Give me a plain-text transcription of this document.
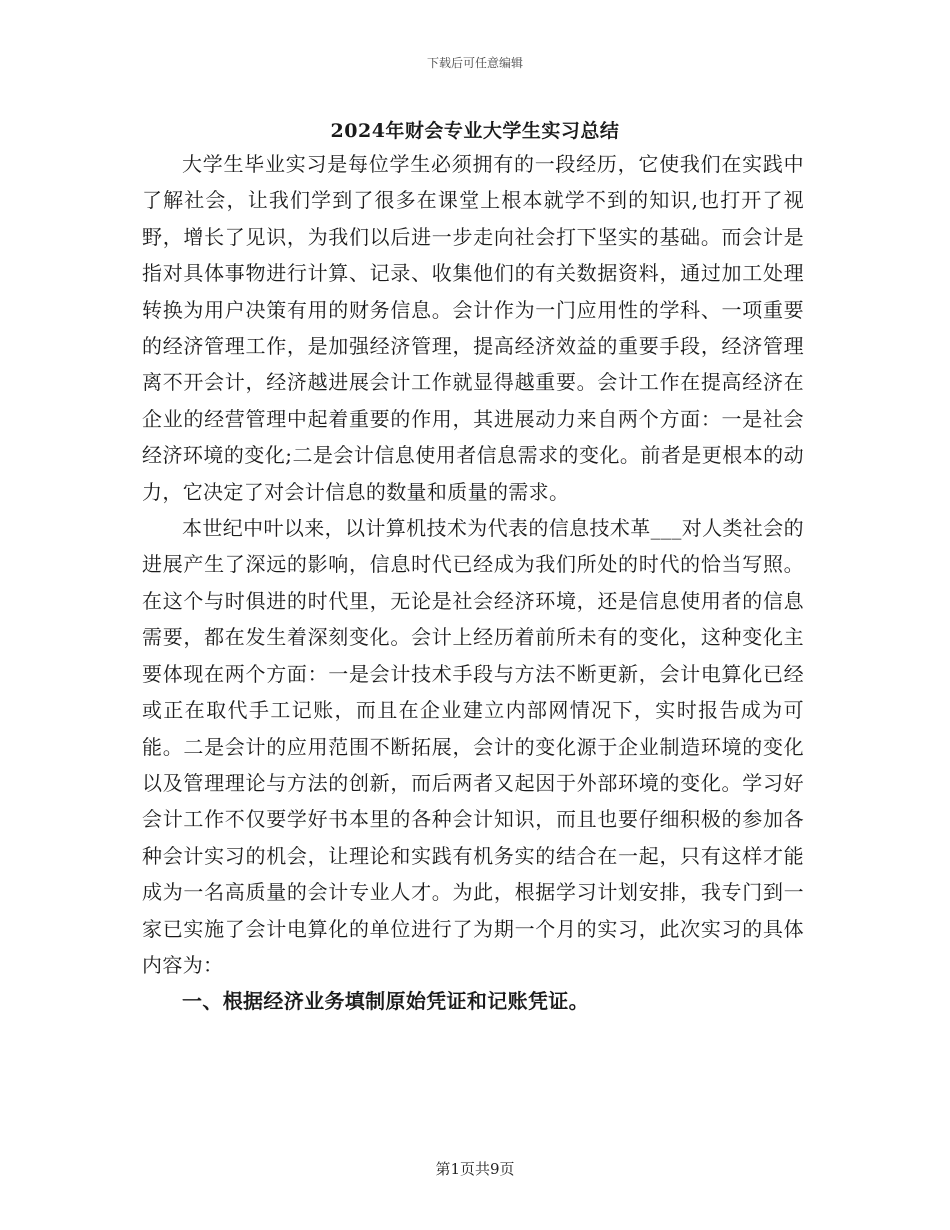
下载后可任意编辑
2024年财会专业大学生实习总结

大学生毕业实习是每位学生必须拥有的一段经历，它使我们在实践中了解社会，让我们学到了很多在课堂上根本就学不到的知识,也打开了视野，增长了见识，为我们以后进一步走向社会打下坚实的基础。而会计是指对具体事物进行计算、记录、收集他们的有关数据资料，通过加工处理转换为用户决策有用的财务信息。会计作为一门应用性的学科、一项重要的经济管理工作，是加强经济管理，提高经济效益的重要手段，经济管理离不开会计，经济越进展会计工作就显得越重要。会计工作在提高经济在企业的经营管理中起着重要的作用，其进展动力来自两个方面：一是社会经济环境的变化;二是会计信息使用者信息需求的变化。前者是更根本的动力，它决定了对会计信息的数量和质量的需求。

本世纪中叶以来，以计算机技术为代表的信息技术革___对人类社会的进展产生了深远的影响，信息时代已经成为我们所处的时代的恰当写照。在这个与时俱进的时代里，无论是社会经济环境，还是信息使用者的信息需要，都在发生着深刻变化。会计上经历着前所未有的变化，这种变化主要体现在两个方面：一是会计技术手段与方法不断更新，会计电算化已经或正在取代手工记账，而且在企业建立内部网情况下，实时报告成为可能。二是会计的应用范围不断拓展，会计的变化源于企业制造环境的变化以及管理理论与方法的创新，而后两者又起因于外部环境的变化。学习好会计工作不仅要学好书本里的各种会计知识，而且也要仔细积极的参加各种会计实习的机会，让理论和实践有机务实的结合在一起，只有这样才能成为一名高质量的会计专业人才。为此，根据学习计划安排，我专门到一家已实施了会计电算化的单位进行了为期一个月的实习，此次实习的具体内容为：

一、根据经济业务填制原始凭证和记账凭证。

第1页共9页
